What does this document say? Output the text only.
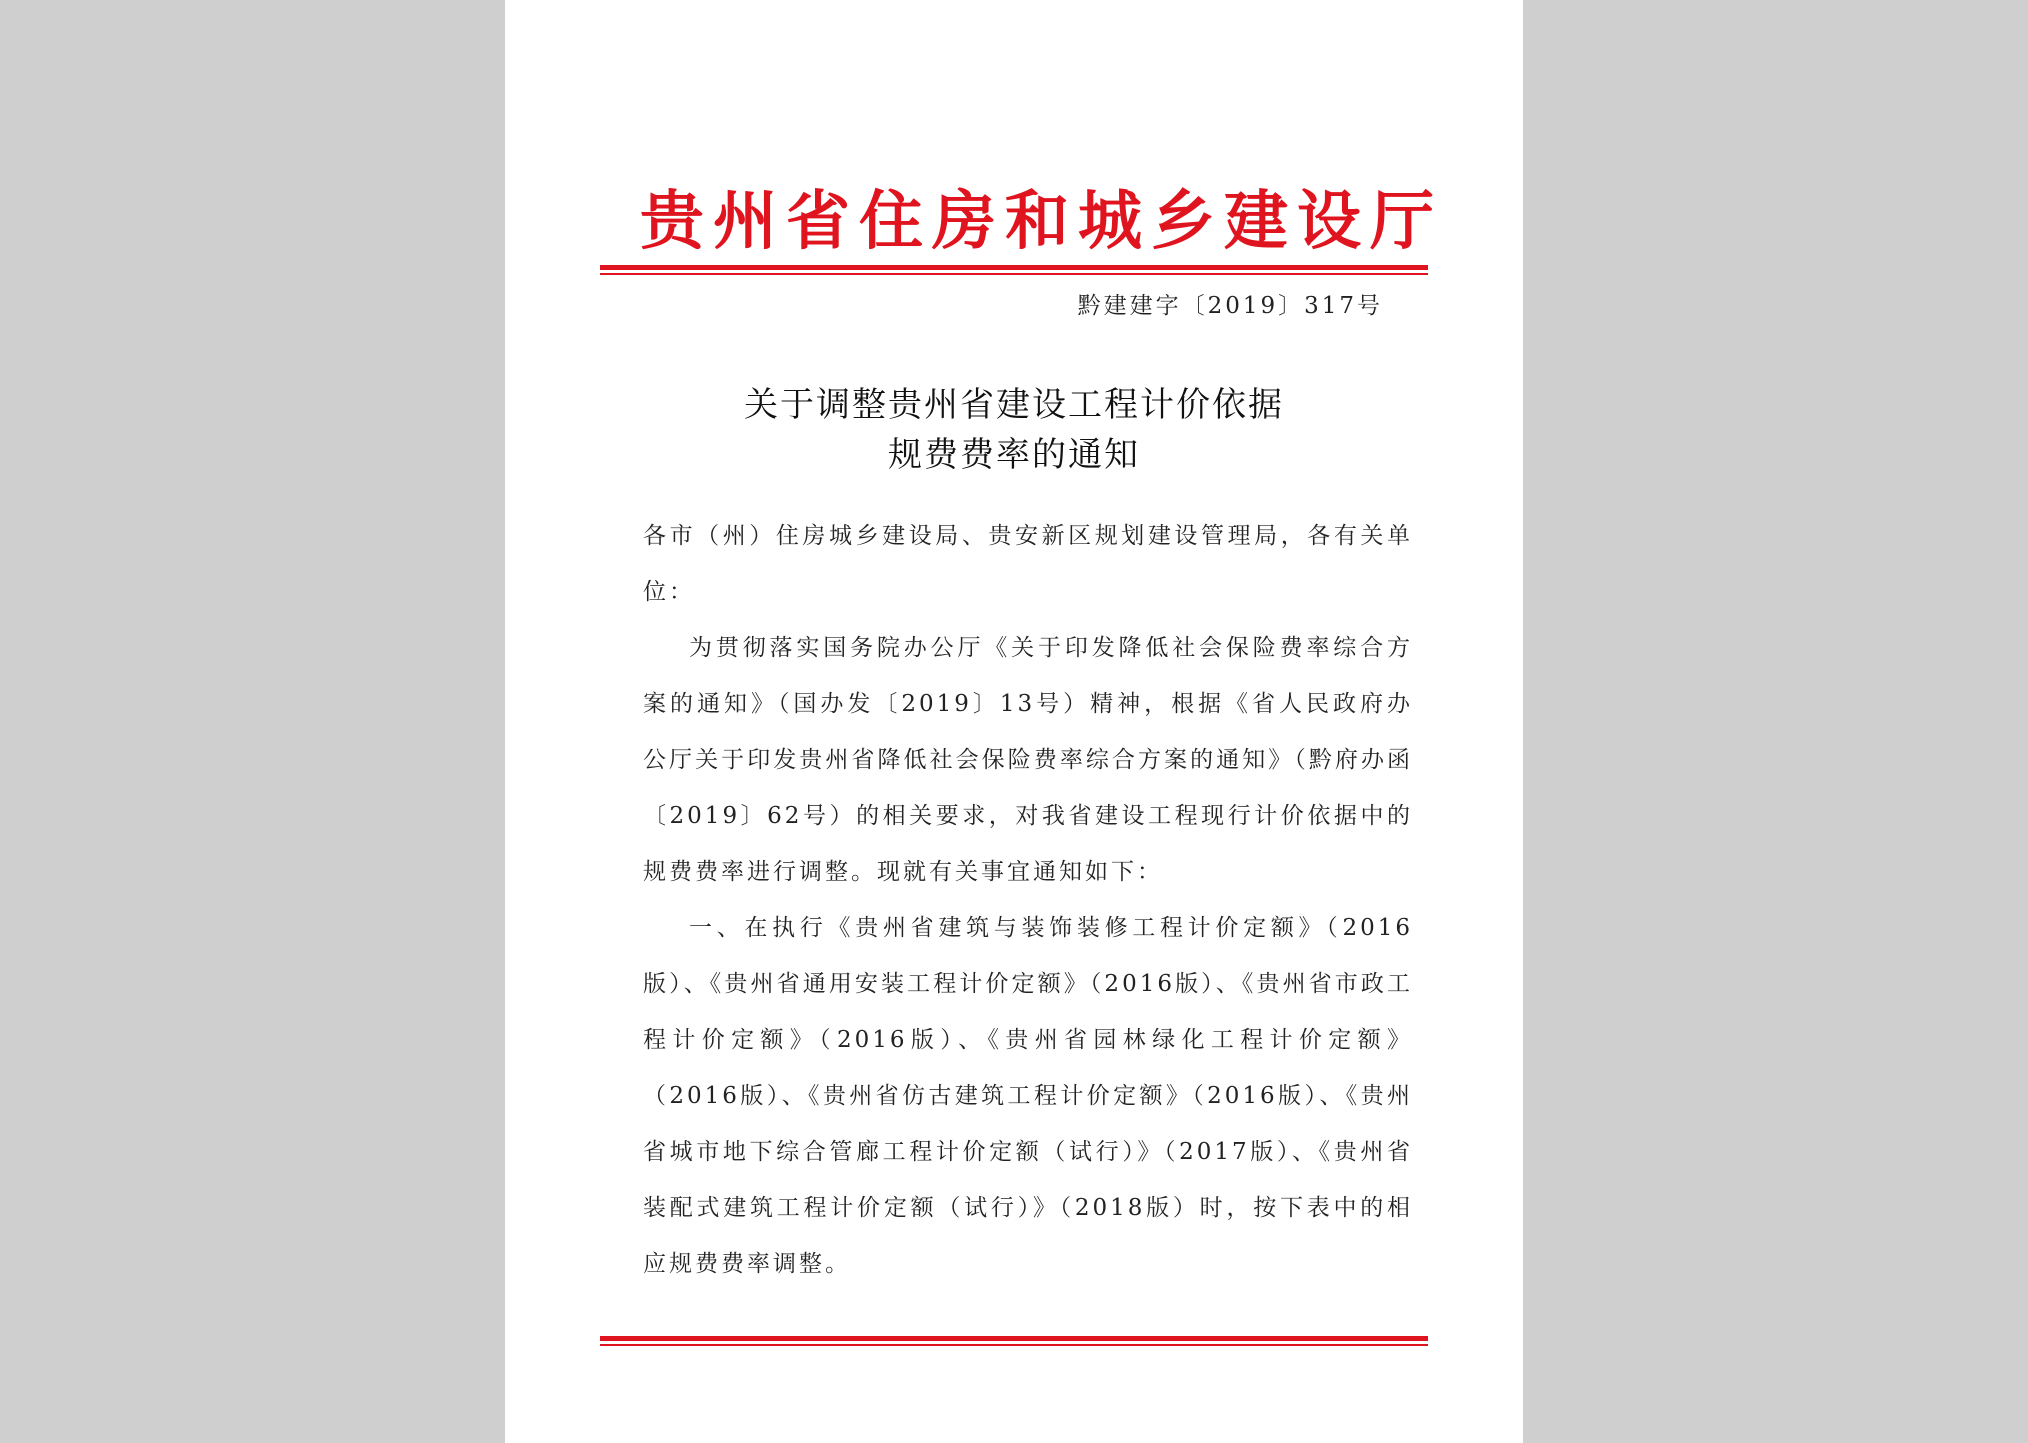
贵州省住房和城乡建设厅
黔建建字〔2019〕317号
关于调整贵州省建设工程计价依据
规费费率的通知

各市（州）住房城乡建设局、贵安新区规划建设管理局，各有关单位：

为贯彻落实国务院办公厅《关于印发降低社会保险费率综合方案的通知》（国办发〔2019〕13号）精神，根据《省人民政府办公厅关于印发贵州省降低社会保险费率综合方案的通知》（黔府办函〔2019〕62号）的相关要求，对我省建设工程现行计价依据中的规费费率进行调整。现就有关事宜通知如下：

一、在执行《贵州省建筑与装饰装修工程计价定额》（2016版）、《贵州省通用安装工程计价定额》（2016版）、《贵州省市政工程计价定额》（2016版）、《贵州省园林绿化工程计价定额》（2016版）、《贵州省仿古建筑工程计价定额》（2016版）、《贵州省城市地下综合管廊工程计价定额（试行）》（2017版）、《贵州省装配式建筑工程计价定额（试行）》（2018版）时，按下表中的相应规费费率调整。
